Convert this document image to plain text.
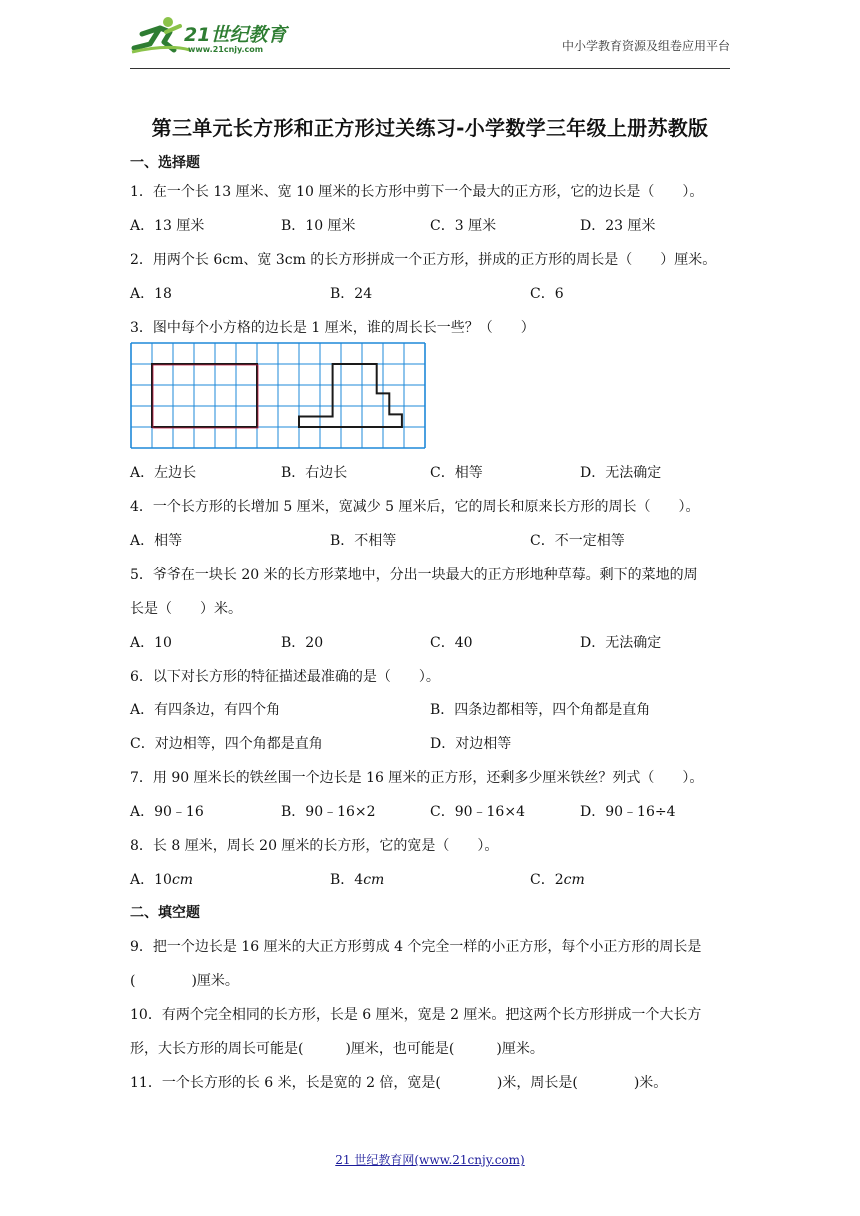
21世纪教育
www.21cnjy.com	中小学教育资源及组卷应用平台
第三单元长方形和正方形过关练习-小学数学三年级上册苏教版
一、选择题
1．在一个长 13 厘米、宽 10 厘米的长方形中剪下一个最大的正方形，它的边长是（　　）。
A．13 厘米	B．10 厘米	C．3 厘米	D．23 厘米
2．用两个长 6cm、宽 3cm 的长方形拼成一个正方形，拼成的正方形的周长是（　　）厘米。
A．18	B．24	C．6
3．图中每个小方格的边长是 1 厘米，谁的周长长一些？（　　）
A．左边长	B．右边长	C．相等	D．无法确定
4．一个长方形的长增加 5 厘米，宽减少 5 厘米后，它的周长和原来长方形的周长（　　）。
A．相等	B．不相等	C．不一定相等
5．爷爷在一块长 20 米的长方形菜地中，分出一块最大的正方形地种草莓。剩下的菜地的周
长是（　　）米。
A．10	B．20	C．40	D．无法确定
6．以下对长方形的特征描述最准确的是（　　）。
A．有四条边，有四个角	B．四条边都相等，四个角都是直角
C．对边相等，四个角都是直角	D．对边相等
7．用 90 厘米长的铁丝围一个边长是 16 厘米的正方形，还剩多少厘米铁丝？列式（　　）。
A．90﹣16	B．90﹣16×2	C．90﹣16×4	D．90﹣16÷4
8．长 8 厘米，周长 20 厘米的长方形，它的宽是（　　）。
A．10cm	B．4cm	C．2cm
二、填空题
9．把一个边长是 16 厘米的大正方形剪成 4 个完全一样的小正方形，每个小正方形的周长是
(　　　　)厘米。
10．有两个完全相同的长方形，长是 6 厘米，宽是 2 厘米。把这两个长方形拼成一个大长方
形，大长方形的周长可能是(　　　)厘米，也可能是(　　　)厘米。
11．一个长方形的长 6 米，长是宽的 2 倍，宽是(　　　　)米，周长是(　　　　)米。
21 世纪教育网(www.21cnjy.com)
